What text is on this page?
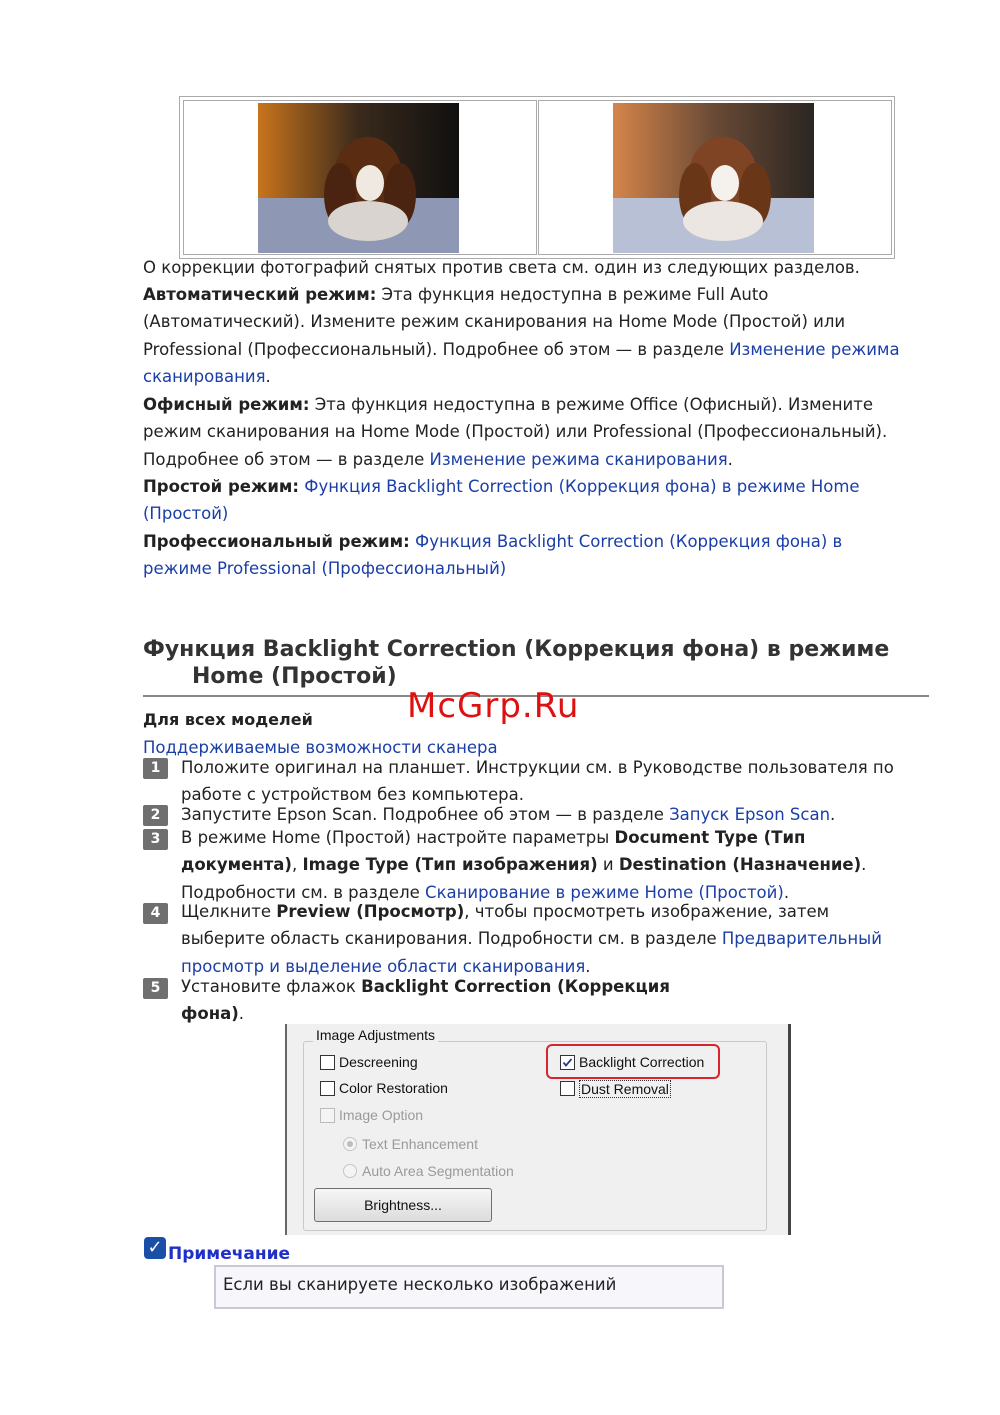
О коррекции фотографий снятых против света см. один из следующих разделов.
Автоматический режим: Эта функция недоступна в режиме Full Auto (Автоматический). Измените режим сканирования на Home Mode (Простой) или Professional (Профессиональный). Подробнее об этом — в разделе Изменение режима сканирования.
Офисный режим: Эта функция недоступна в режиме Office (Офисный). Измените режим сканирования на Home Mode (Простой) или Professional (Профессиональный). Подробнее об этом — в разделе Изменение режима сканирования.
Простой режим: Функция Backlight Correction (Коррекция фона) в режиме Home (Простой)
Профессиональный режим: Функция Backlight Correction (Коррекция фона) в режиме Professional (Профессиональный)
Функция Backlight Correction (Коррекция фона) в режиме
Home (Простой)
McGrp.Ru
Для всех моделей
Поддерживаемые возможности сканера
1	Положите оригинал на планшет. Инструкции см. в Руководстве пользователя по работе с устройством без компьютера.
2	Запустите Epson Scan. Подробнее об этом — в разделе Запуск Epson Scan.
3	В режиме Home (Простой) настройте параметры Document Type (Тип документа), Image Type (Тип изображения) и Destination (Назначение). Подробности см. в разделе Сканирование в режиме Home (Простой).
4	Щелкните Preview (Просмотр), чтобы просмотреть изображение, затем выберите область сканирования. Подробности см. в разделе Предварительный просмотр и выделение области сканирования.
5	Установите флажок Backlight Correction (Коррекция фона).
Image Adjustments
Descreening
Color Restoration
Image Option
Text Enhancement
Auto Area Segmentation
Backlight Correction
Dust Removal
Brightness...
✓ Примечание
Если вы сканируете несколько изображений
